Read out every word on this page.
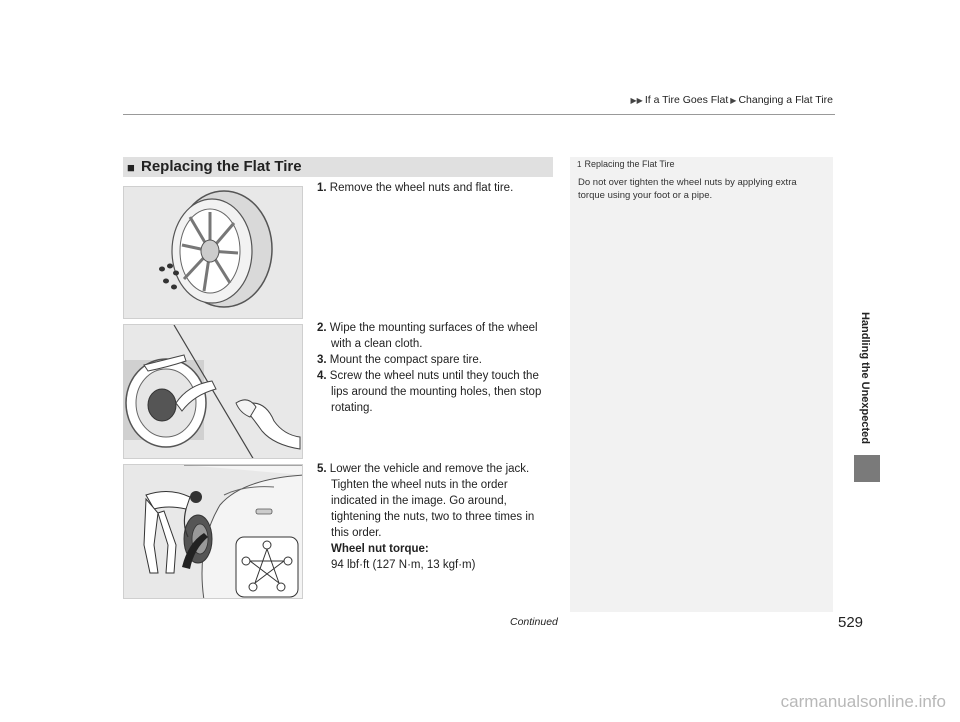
▶▶ If a Tire Goes Flat ▶ Changing a Flat Tire
■ Replacing the Flat Tire
1. Remove the wheel nuts and flat tire.
2. Wipe the mounting surfaces of the wheel
with a clean cloth.
3. Mount the compact spare tire.
4. Screw the wheel nuts until they touch the
lips around the mounting holes, then stop
rotating.
5. Lower the vehicle and remove the jack.
Tighten the wheel nuts in the order
indicated in the image. Go around,
tightening the nuts, two to three times in
this order.
Wheel nut torque:
94 lbf·ft (127 N·m, 13 kgf·m)
1 Replacing the Flat Tire
Do not over tighten the wheel nuts by applying extra
torque using your foot or a pipe.
Handling the Unexpected
Continued	529
carmanualsonline.info
